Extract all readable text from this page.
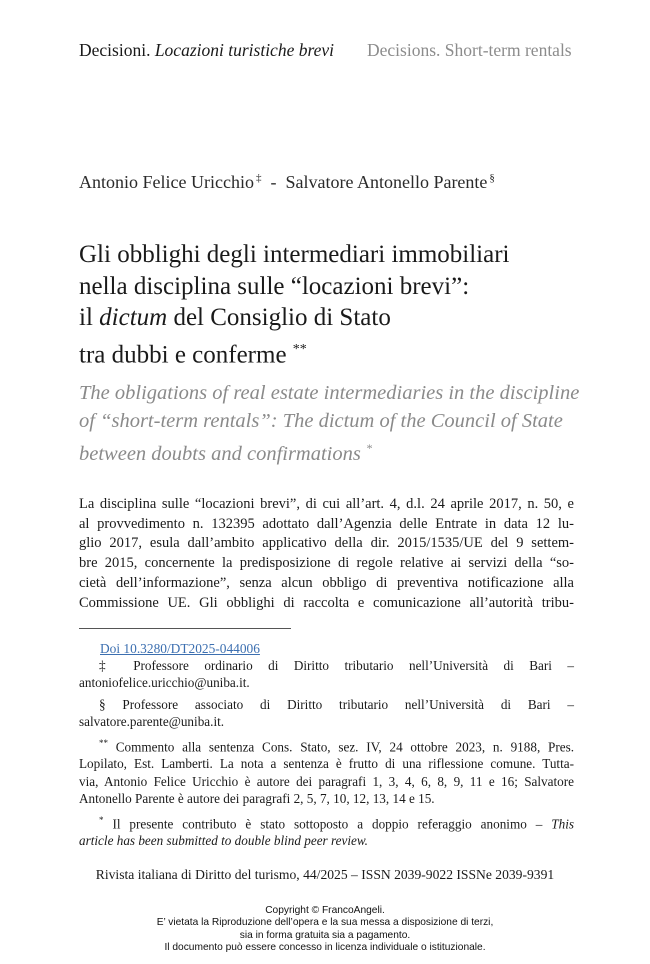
Decisioni. Locazioni turistiche brevi Decisions. Short-term rentals
Antonio Felice Uricchio ‡ - Salvatore Antonello Parente §
Gli obblighi degli intermediari immobiliari
nella disciplina sulle “locazioni brevi”:
il dictum del Consiglio di Stato
tra dubbi e conferme **
The obligations of real estate intermediaries in the discipline
of “short-term rentals”: The dictum of the Council of State
between doubts and confirmations *
La disciplina sulle “locazioni brevi”, di cui all’art. 4, d.l. 24 aprile 2017, n. 50, e
al provvedimento n. 132395 adottato dall’Agenzia delle Entrate in data 12 lu-
glio 2017, esula dall’ambito applicativo della dir. 2015/1535/UE del 9 settem-
bre 2015, concernente la predisposizione di regole relative ai servizi della “so-
cietà dell’informazione”, senza alcun obbligo di preventiva notificazione alla
Commissione UE. Gli obblighi di raccolta e comunicazione all’autorità tribu-
Doi 10.3280/DT2025-044006
‡ Professore ordinario di Diritto tributario nell’Università di Bari –
antoniofelice.uricchio@uniba.it.
§ Professore associato di Diritto tributario nell’Università di Bari –
salvatore.parente@uniba.it.
** Commento alla sentenza Cons. Stato, sez. IV, 24 ottobre 2023, n. 9188, Pres.
Lopilato, Est. Lamberti. La nota a sentenza è frutto di una riflessione comune. Tutta-
via, Antonio Felice Uricchio è autore dei paragrafi 1, 3, 4, 6, 8, 9, 11 e 16; Salvatore
Antonello Parente è autore dei paragrafi 2, 5, 7, 10, 12, 13, 14 e 15.
* Il presente contributo è stato sottoposto a doppio referaggio anonimo – This
article has been submitted to double blind peer review.
Rivista italiana di Diritto del turismo, 44/2025 – ISSN 2039-9022 ISSNe 2039-9391
Copyright © FrancoAngeli.
E’ vietata la Riproduzione dell’opera e la sua messa a disposizione di terzi,
sia in forma gratuita sia a pagamento.
Il documento può essere concesso in licenza individuale o istituzionale.
